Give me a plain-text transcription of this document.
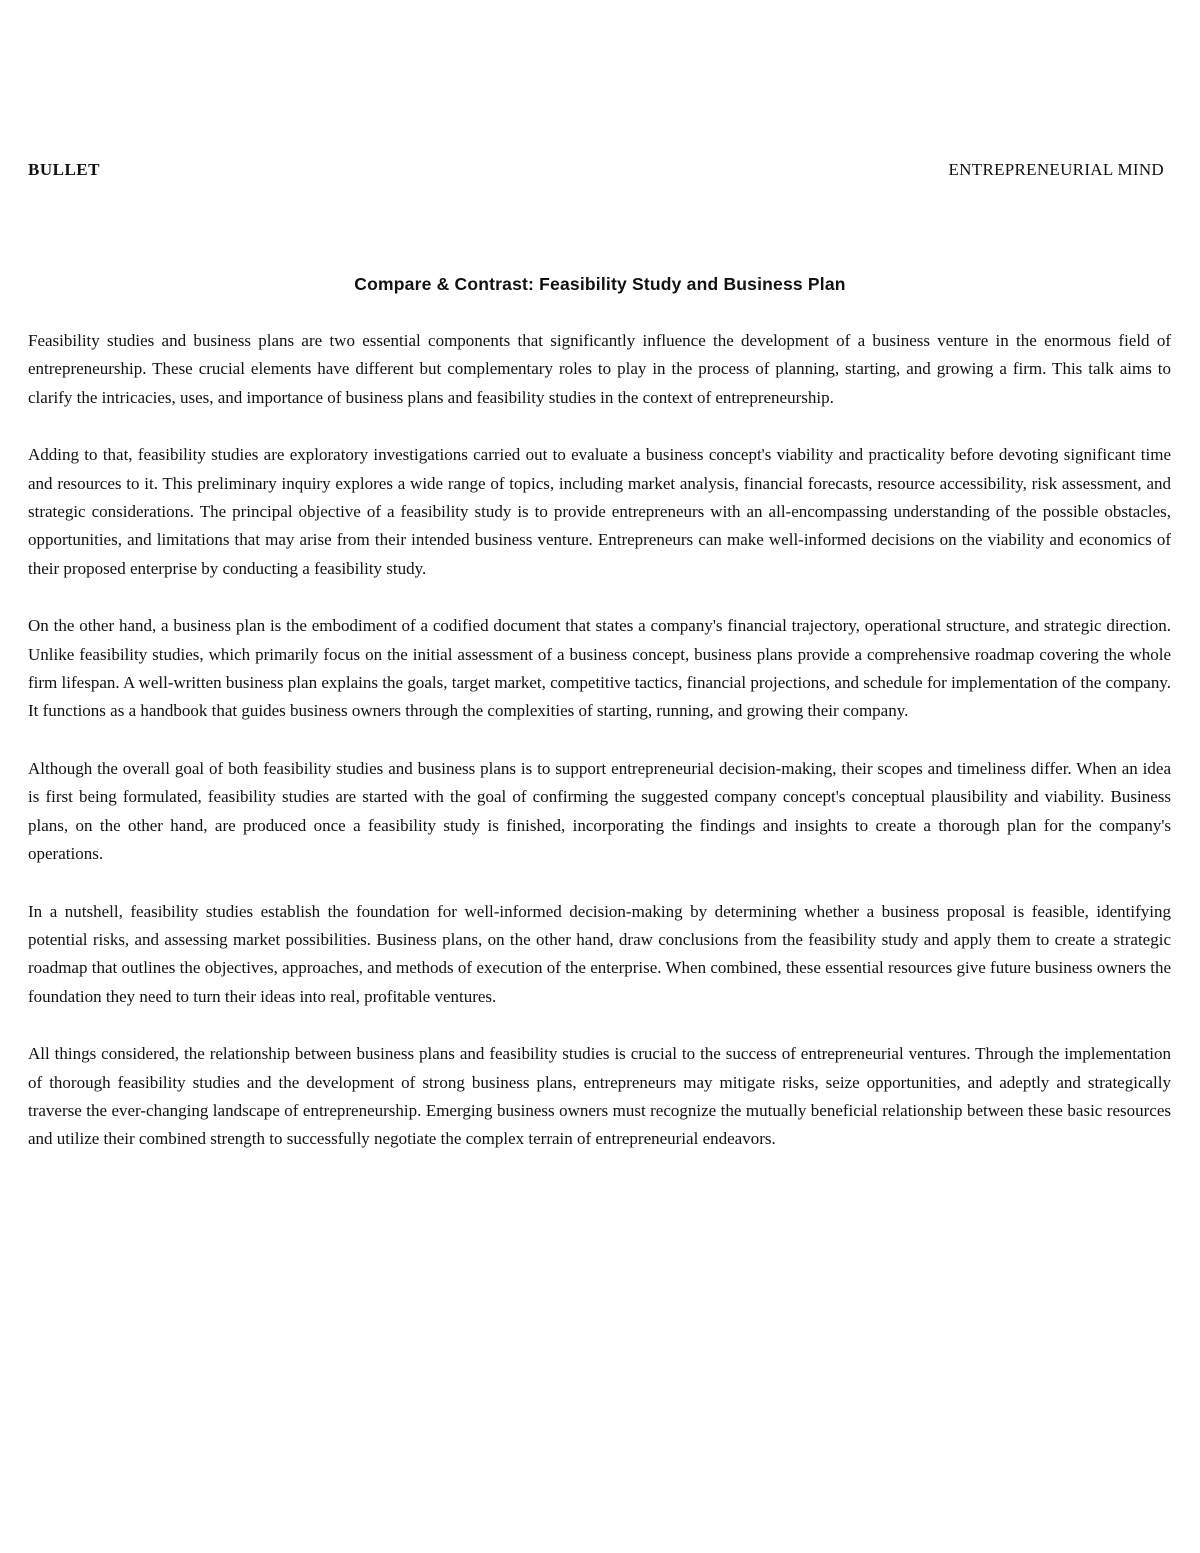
BULLET	ENTREPRENEURIAL MIND
Compare & Contrast: Feasibility Study and Business Plan

Feasibility studies and business plans are two essential components that significantly influence the development of a business venture in the enormous field of entrepreneurship. These crucial elements have different but complementary roles to play in the process of planning, starting, and growing a firm. This talk aims to clarify the intricacies, uses, and importance of business plans and feasibility studies in the context of entrepreneurship.

Adding to that, feasibility studies are exploratory investigations carried out to evaluate a business concept's viability and practicality before devoting significant time and resources to it. This preliminary inquiry explores a wide range of topics, including market analysis, financial forecasts, resource accessibility, risk assessment, and strategic considerations. The principal objective of a feasibility study is to provide entrepreneurs with an all-encompassing understanding of the possible obstacles, opportunities, and limitations that may arise from their intended business venture. Entrepreneurs can make well-informed decisions on the viability and economics of their proposed enterprise by conducting a feasibility study.

On the other hand, a business plan is the embodiment of a codified document that states a company's financial trajectory, operational structure, and strategic direction. Unlike feasibility studies, which primarily focus on the initial assessment of a business concept, business plans provide a comprehensive roadmap covering the whole firm lifespan. A well-written business plan explains the goals, target market, competitive tactics, financial projections, and schedule for implementation of the company. It functions as a handbook that guides business owners through the complexities of starting, running, and growing their company.

Although the overall goal of both feasibility studies and business plans is to support entrepreneurial decision-making, their scopes and timeliness differ. When an idea is first being formulated, feasibility studies are started with the goal of confirming the suggested company concept's conceptual plausibility and viability. Business plans, on the other hand, are produced once a feasibility study is finished, incorporating the findings and insights to create a thorough plan for the company's operations.

In a nutshell, feasibility studies establish the foundation for well-informed decision-making by determining whether a business proposal is feasible, identifying potential risks, and assessing market possibilities. Business plans, on the other hand, draw conclusions from the feasibility study and apply them to create a strategic roadmap that outlines the objectives, approaches, and methods of execution of the enterprise. When combined, these essential resources give future business owners the foundation they need to turn their ideas into real, profitable ventures.

All things considered, the relationship between business plans and feasibility studies is crucial to the success of entrepreneurial ventures. Through the implementation of thorough feasibility studies and the development of strong business plans, entrepreneurs may mitigate risks, seize opportunities, and adeptly and strategically traverse the ever-changing landscape of entrepreneurship. Emerging business owners must recognize the mutually beneficial relationship between these basic resources and utilize their combined strength to successfully negotiate the complex terrain of entrepreneurial endeavors.
